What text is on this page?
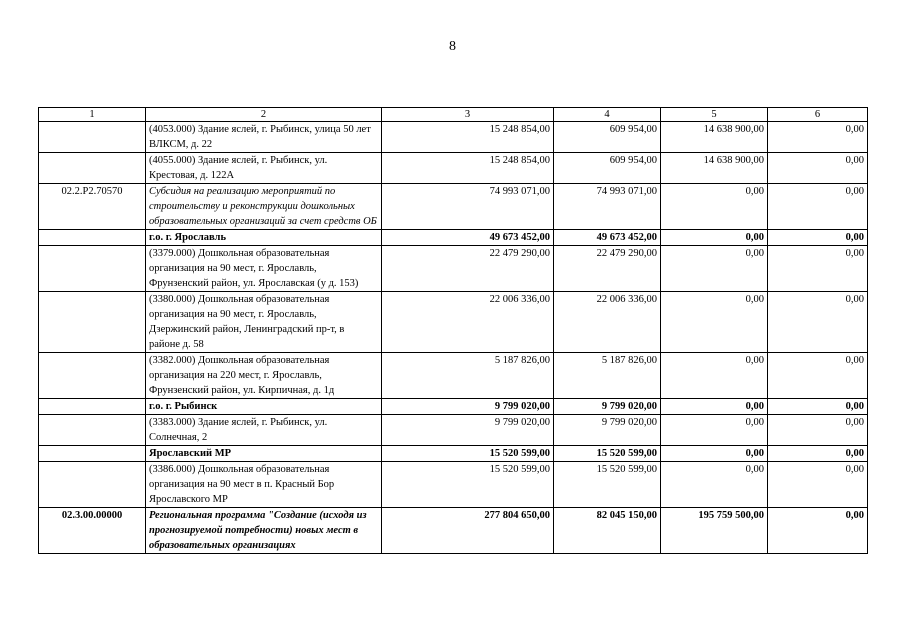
8
1	2	3	4	5	6
	(4053.000) Здание яслей, г. Рыбинск, улица 50 лет ВЛКСМ, д. 22	15 248 854,00	609 954,00	14 638 900,00	0,00
	(4055.000) Здание яслей, г. Рыбинск, ул. Крестовая, д. 122А	15 248 854,00	609 954,00	14 638 900,00	0,00
02.2.P2.70570	Субсидия на реализацию мероприятий по строительству и реконструкции дошкольных образовательных организаций за счет средств ОБ	74 993 071,00	74 993 071,00	0,00	0,00
	г.о. г. Ярославль	49 673 452,00	49 673 452,00	0,00	0,00
	(3379.000) Дошкольная образовательная организация на 90 мест, г. Ярославль, Фрунзенский район, ул. Ярославская (у д. 153)	22 479 290,00	22 479 290,00	0,00	0,00
	(3380.000) Дошкольная образовательная организация на 90 мест, г. Ярославль, Дзержинский район, Ленинградский пр-т, в районе д. 58	22 006 336,00	22 006 336,00	0,00	0,00
	(3382.000) Дошкольная образовательная организация на 220 мест, г. Ярославль, Фрунзенский район, ул. Кирпичная, д. 1д	5 187 826,00	5 187 826,00	0,00	0,00
	г.о. г. Рыбинск	9 799 020,00	9 799 020,00	0,00	0,00
	(3383.000) Здание яслей, г. Рыбинск, ул. Солнечная, 2	9 799 020,00	9 799 020,00	0,00	0,00
	Ярославский МР	15 520 599,00	15 520 599,00	0,00	0,00
	(3386.000) Дошкольная образовательная организация на 90 мест в п. Красный Бор Ярославского МР	15 520 599,00	15 520 599,00	0,00	0,00
02.3.00.00000	Региональная программа "Создание (исходя из прогнозируемой потребности) новых мест в образовательных организациях	277 804 650,00	82 045 150,00	195 759 500,00	0,00
